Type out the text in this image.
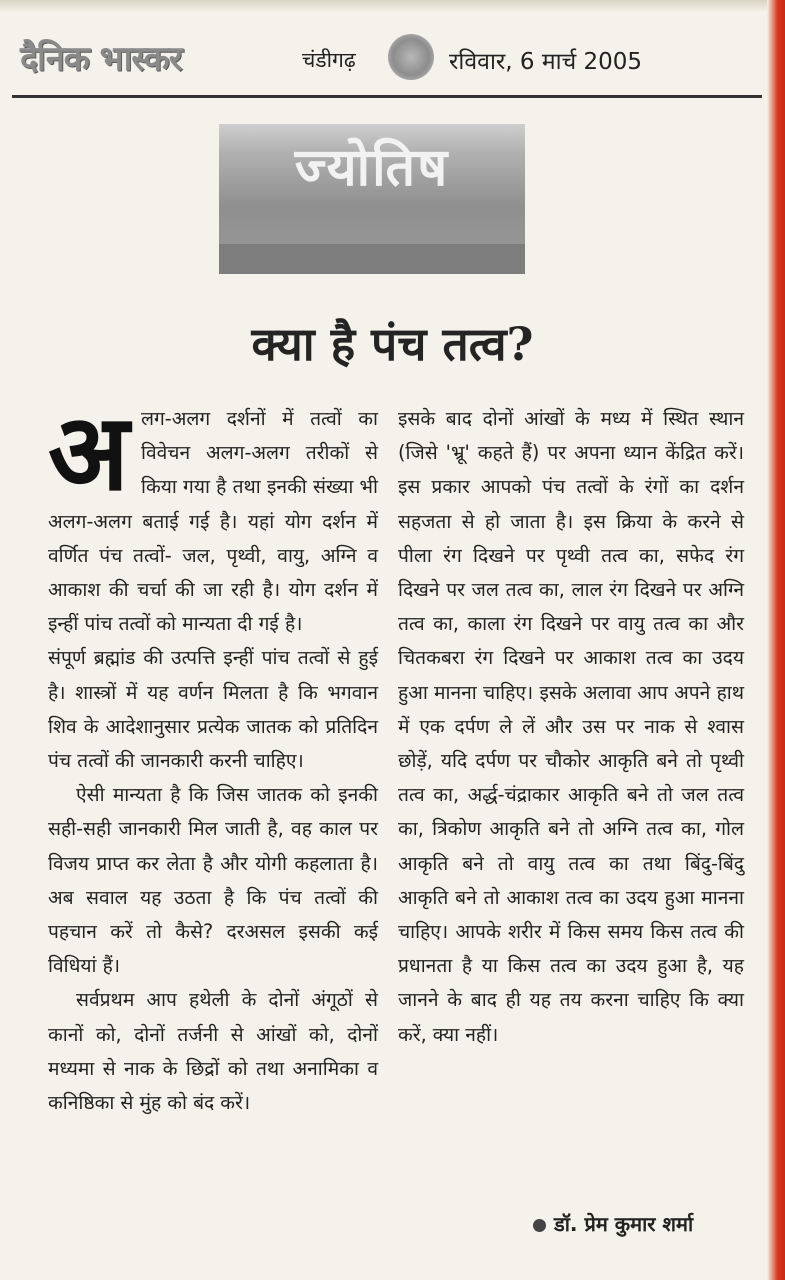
दैनिक भास्कर	चंडीगढ़	रविवार, 6 मार्च 2005
ज्योतिष
क्या है पंच तत्व?

अ लग-अलग दर्शनों में तत्वों का विवेचन अलग-अलग तरीकों से किया गया है तथा इनकी संख्या भी अलग-अलग बताई गई है। यहां योग दर्शन में वर्णित पंच तत्वों- जल, पृथ्वी, वायु, अग्नि व आकाश की चर्चा की जा रही है। योग दर्शन में इन्हीं पांच तत्वों को मान्यता दी गई है।

संपूर्ण ब्रह्मांड की उत्पत्ति इन्हीं पांच तत्वों से हुई है। शास्त्रों में यह वर्णन मिलता है कि भगवान शिव के आदेशानुसार प्रत्येक जातक को प्रतिदिन पंच तत्वों की जानकारी करनी चाहिए।

ऐसी मान्यता है कि जिस जातक को इनकी सही-सही जानकारी मिल जाती है, वह काल पर विजय प्राप्त कर लेता है और योगी कहलाता है। अब सवाल यह उठता है कि पंच तत्वों की पहचान करें तो कैसे? दरअसल इसकी कई विधियां हैं।

सर्वप्रथम आप हथेली के दोनों अंगूठों से कानों को, दोनों तर्जनी से आंखों को, दोनों मध्यमा से नाक के छिद्रों को तथा अनामिका व कनिष्ठिका से मुंह को बंद करें।

इसके बाद दोनों आंखों के मध्य में स्थित स्थान (जिसे 'भ्रू' कहते हैं) पर अपना ध्यान केंद्रित करें। इस प्रकार आपको पंच तत्वों के रंगों का दर्शन सहजता से हो जाता है। इस क्रिया के करने से पीला रंग दिखने पर पृथ्वी तत्व का, सफेद रंग दिखने पर जल तत्व का, लाल रंग दिखने पर अग्नि तत्व का, काला रंग दिखने पर वायु तत्व का और चितकबरा रंग दिखने पर आकाश तत्व का उदय हुआ मानना चाहिए। इसके अलावा आप अपने हाथ में एक दर्पण ले लें और उस पर नाक से श्वास छोड़ें, यदि दर्पण पर चौकोर आकृति बने तो पृथ्वी तत्व का, अर्द्ध-चंद्राकार आकृति बने तो जल तत्व का, त्रिकोण आकृति बने तो अग्नि तत्व का, गोल आकृति बने तो वायु तत्व का तथा बिंदु-बिंदु आकृति बने तो आकाश तत्व का उदय हुआ मानना चाहिए। आपके शरीर में किस समय किस तत्व की प्रधानता है या किस तत्व का उदय हुआ है, यह जानने के बाद ही यह तय करना चाहिए कि क्या करें, क्या नहीं।

डॉ. प्रेम कुमार शर्मा
